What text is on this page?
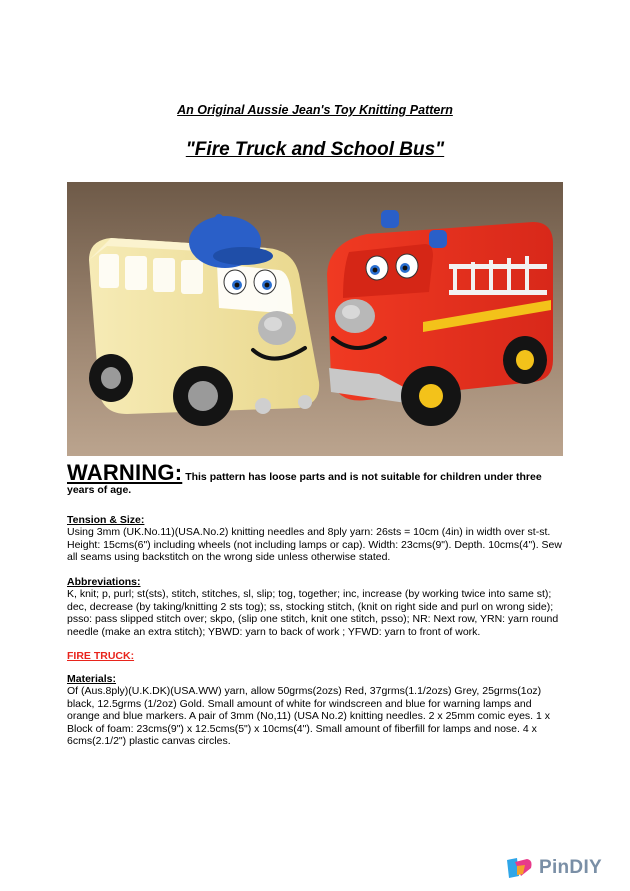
An Original Aussie Jean's Toy Knitting Pattern
"Fire Truck and School Bus"
WARNING: This pattern has loose parts and is not suitable for children under three years of age.
Tension & Size:
Using 3mm (UK.No.11)(USA.No.2) knitting needles and 8ply yarn: 26sts = 10cm (4in) in width over st-st. Height: 15cms(6") including wheels (not including lamps or cap). Width: 23cms(9"). Depth. 10cms(4"). Sew all seams using backstitch on the wrong side unless otherwise stated.
Abbreviations:
K, knit; p, purl; st(sts), stitch, stitches, sl, slip; tog, together; inc, increase (by working twice into same st); dec, decrease (by taking/knitting 2 sts tog); ss, stocking stitch, (knit on right side and purl on wrong side); psso: pass slipped stitch over; skpo, (slip one stitch, knit one stitch, psso); NR: Next row, YRN: yarn round needle (make an extra stitch); YBWD: yarn to back of work ; YFWD: yarn to front of work.
FIRE TRUCK:
Materials:
Of (Aus.8ply)(U.K.DK)(USA.WW) yarn, allow 50grms(2ozs) Red, 37grms(1.1/2ozs) Grey, 25grms(1oz) black, 12.5grms (1/2oz) Gold. Small amount of white for windscreen and blue for warning lamps and orange and blue markers. A pair of 3mm (No,11) (USA No.2) knitting needles. 2 x 25mm comic eyes. 1 x Block of foam: 23cms(9") x 12.5cms(5") x 10cms(4"). Small amount of fiberfill for lamps and nose. 4 x 6cms(2.1/2") plastic canvas circles.
PinDIY
